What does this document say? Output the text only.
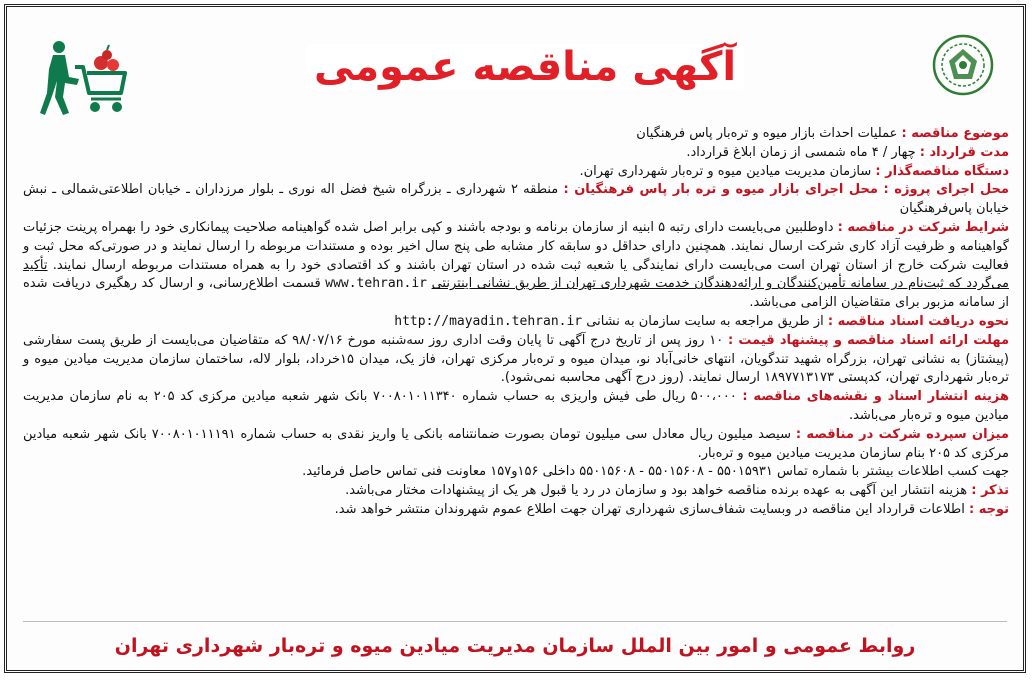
آگهی مناقصه عمومی

موضوع مناقصه : عملیات احداث بازار میوه و تره‌بار پاس فرهنگیان

مدت قرارداد : چهار / ۴ ماه شمسی از زمان ابلاغ قرارداد.

دستگاه مناقصه‌گذار : سازمان مدیریت میادین میوه و تره‌بار شهرداری تهران.

محل اجرای پروژه : محل اجرای بازار میوه و تره بار پاس فرهنگیان : منطقه ۲ شهرداری ـ بزرگراه شیخ فضل اله نوری ـ بلوار مرزداران ـ خیابان اطلاعتی‌شمالی ـ نبش خیابان پاس‌فرهنگیان

شرایط شرکت در مناقصه : داوطلبین می‌بایست دارای رتبه ۵ ابنیه از سازمان برنامه و بودجه باشند و کپی برابر اصل شده گواهینامه صلاحیت پیمانکاری خود را بهمراه پرینت جزئیات گواهینامه و ظرفیت آزاد کاری شرکت ارسال نمایند. همچنین دارای حداقل دو سابقه کار مشابه طی پنج سال اخیر بوده و مستندات مربوطه را ارسال نمایند و در صورتی‌که محل ثبت و فعالیت شرکت خارج از استان تهران است می‌بایست دارای نمایندگی یا شعبه ثبت شده در استان تهران باشند و کد اقتصادی خود را به همراه مستندات مربوطه ارسال نمایند. تأکید می‌گردد که ثبت‌نام در سامانه تأمین‌کنندگان و ارائه‌دهندگان خدمت شهرداری تهران از طریق نشانی اینترنتی www.tehran.ir قسمت اطلاع‌رسانی، و ارسال کد رهگیری دریافت شده از سامانه مزبور برای متقاضیان الزامی می‌باشد.

نحوه دریافت اسناد مناقصه : از طریق مراجعه به سایت سازمان به نشانی http://mayadin.tehran.ir

مهلت ارائه اسناد مناقصه و پیشنهاد قیمت : ۱۰ روز پس از تاریخ درج آگهی تا پایان وقت اداری روز سه‌شنبه مورخ ۹۸/۰۷/۱۶ که متقاضیان می‌بایست از طریق پست سفارشی (پیشتاز) به نشانی تهران، بزرگراه شهید تندگویان، انتهای خانی‌آباد نو، میدان میوه و تره‌بار مرکزی تهران، فاز یک، میدان ۱۵خرداد، بلوار لاله، ساختمان سازمان مدیریت میادین میوه و تره‌بار شهرداری تهران، کدپستی ۱۸۹۷۷۱۳۱۷۳ ارسال نمایند. (روز درج آگهی محاسبه نمی‌شود).

هزینه انتشار اسناد و نقشه‌های مناقصه : ۵۰۰،۰۰۰ ریال طی فیش واریزی به حساب شماره ۷۰۰۸۰۱۰۱۱۳۴۰ بانک شهر شعبه میادین مرکزی کد ۲۰۵ به نام سازمان مدیریت میادین میوه و تره‌بار می‌باشد.

میزان سپرده شرکت در مناقصه : سیصد میلیون ریال معادل سی میلیون تومان بصورت ضمانتنامه بانکی یا واریز نقدی به حساب شماره ۷۰۰۸۰۱۰۱۱۱۹۱ بانک شهر شعبه میادین مرکزی کد ۲۰۵ بنام سازمان مدیریت میادین میوه و تره‌بار.

جهت کسب اطلاعات بیشتر با شماره تماس ۵۵۰۱۵۹۳۱ - ۵۵۰۱۵۶۰۸ - ۵۵۰۱۵۶۰۸ داخلی ۱۵۶و۱۵۷ معاونت فنی تماس حاصل فرمائید.

تذکر : هزینه انتشار این آگهی به عهده برنده مناقصه خواهد بود و سازمان در رد یا قبول هر یک از پیشنهادات مختار می‌باشد.

توجه : اطلاعات قرارداد این مناقصه در وبسایت شفاف‌سازی شهرداری تهران جهت اطلاع عموم شهروندان منتشر خواهد شد.

روابط عمومی و امور بین الملل سازمان مدیریت میادین میوه و تره‌بار شهرداری تهران
